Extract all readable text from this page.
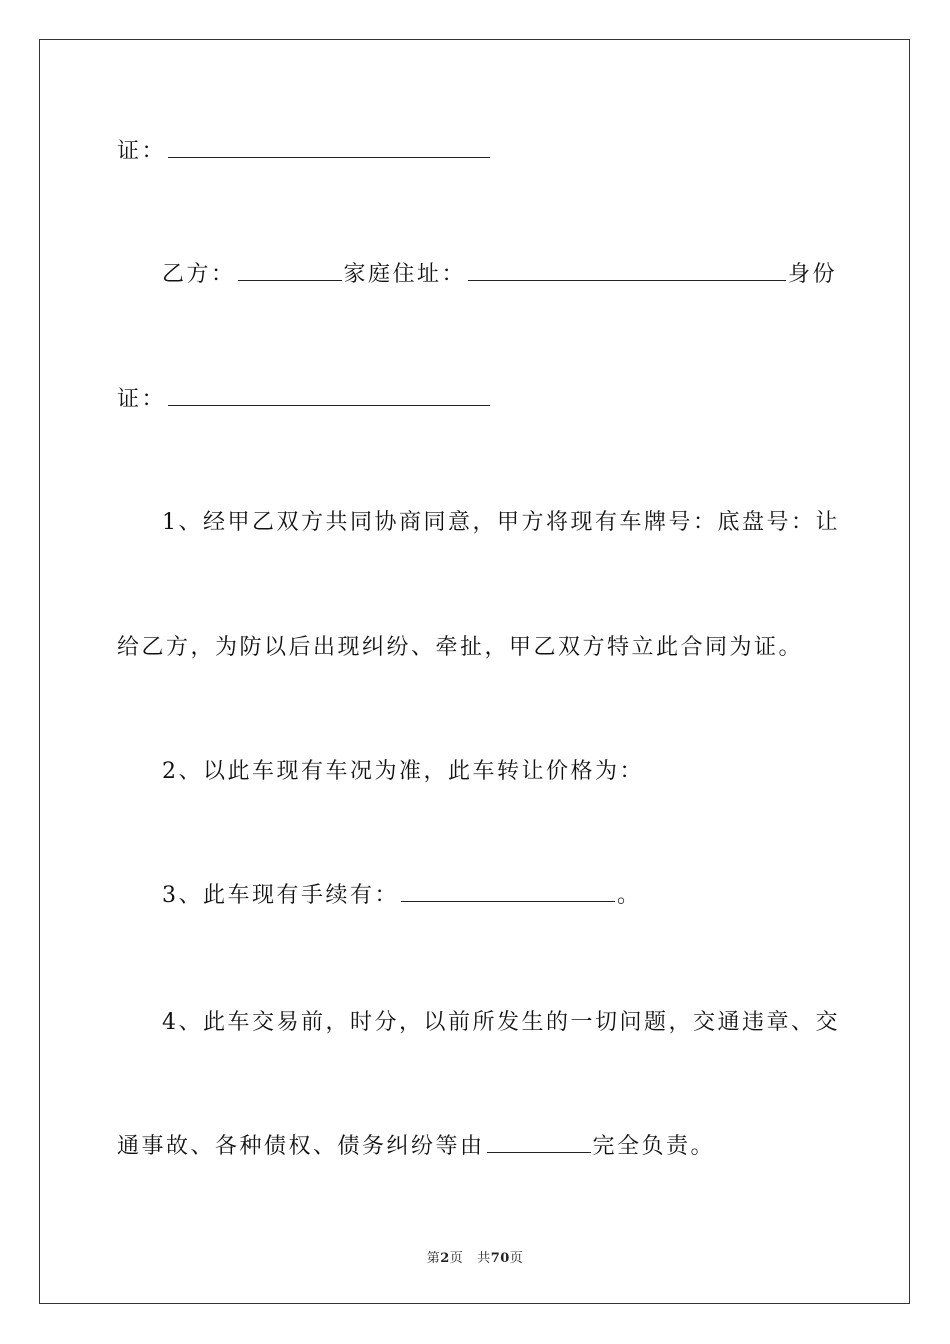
证：
乙方：	家庭住址：	身份
证：
1、经甲乙双方共同协商同意，甲方将现有车牌号：底盘号：让
给乙方，为防以后出现纠纷、牵扯，甲乙双方特立此合同为证。
2、以此车现有车况为准，此车转让价格为：
3、此车现有手续有：	。
4、此车交易前，时分，以前所发生的一切问题，交通违章、交
通事故、各种债权、债务纠纷等由	完全负责。
第2页 共70页
